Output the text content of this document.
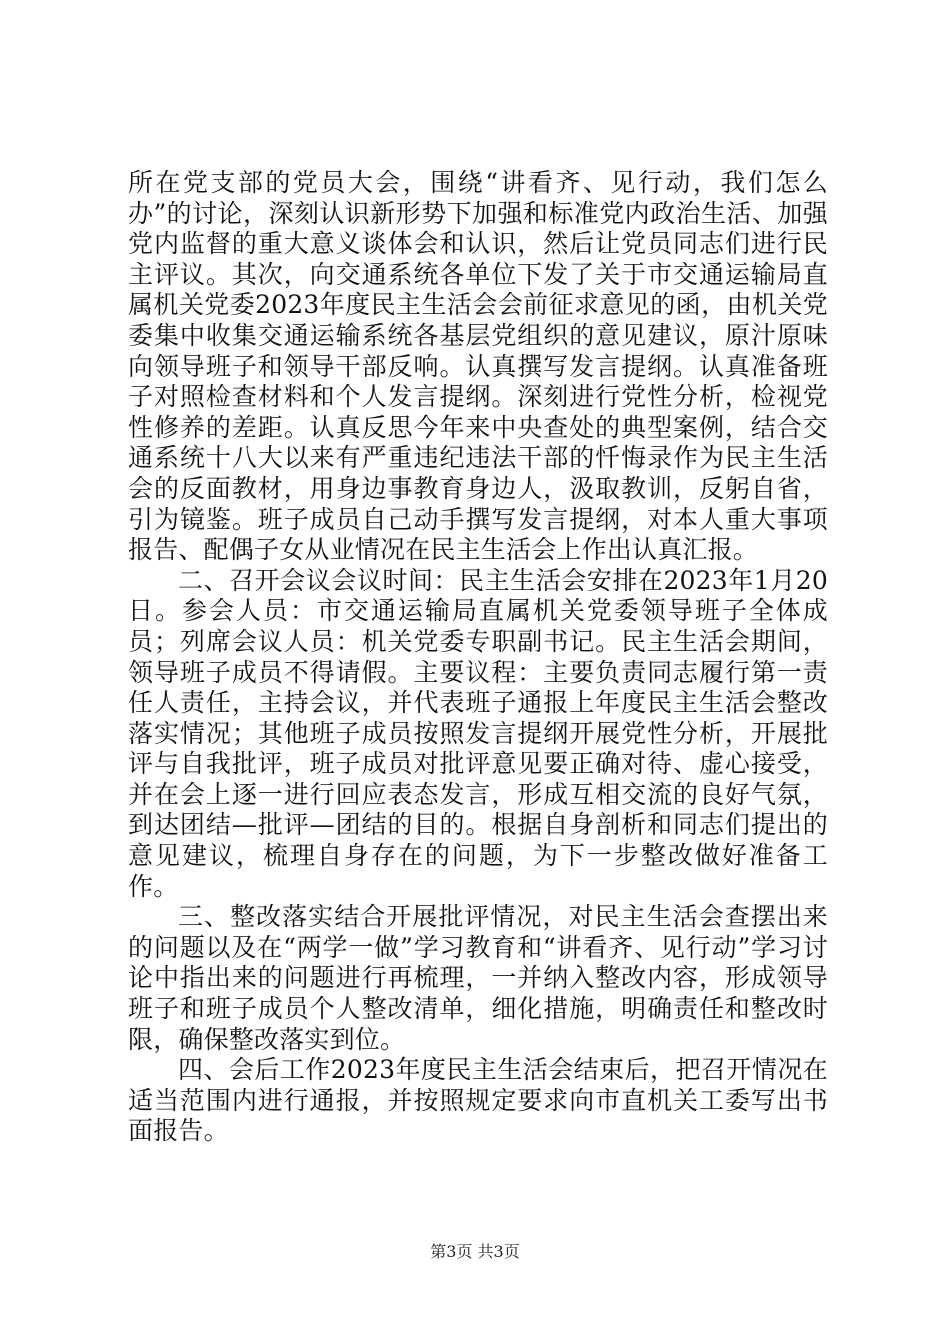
所在党支部的党员大会，围绕“讲看齐、见行动，我们怎么办”的讨论，深刻认识新形势下加强和标准党内政治生活、加强党内监督的重大意义谈体会和认识，然后让党员同志们进行民主评议。其次，向交通系统各单位下发了关于市交通运输局直属机关党委2023年度民主生活会会前征求意见的函，由机关党委集中收集交通运输系统各基层党组织的意见建议，原汁原味向领导班子和领导干部反响。认真撰写发言提纲。认真准备班子对照检查材料和个人发言提纲。深刻进行党性分析，检视党性修养的差距。认真反思今年来中央查处的典型案例，结合交通系统十八大以来有严重违纪违法干部的忏悔录作为民主生活会的反面教材，用身边事教育身边人，汲取教训，反躬自省，引为镜鉴。班子成员自己动手撰写发言提纲，对本人重大事项报告、配偶子女从业情况在民主生活会上作出认真汇报。

二、召开会议会议时间：民主生活会安排在2023年1月20日。参会人员：市交通运输局直属机关党委领导班子全体成员；列席会议人员：机关党委专职副书记。民主生活会期间，领导班子成员不得请假。主要议程：主要负责同志履行第一责任人责任，主持会议，并代表班子通报上年度民主生活会整改落实情况；其他班子成员按照发言提纲开展党性分析，开展批评与自我批评，班子成员对批评意见要正确对待、虚心接受，并在会上逐一进行回应表态发言，形成互相交流的良好气氛，到达团结—批评—团结的目的。根据自身剖析和同志们提出的意见建议，梳理自身存在的问题，为下一步整改做好准备工作。

三、整改落实结合开展批评情况，对民主生活会查摆出来的问题以及在“两学一做”学习教育和“讲看齐、见行动”学习讨论中指出来的问题进行再梳理，一并纳入整改内容，形成领导班子和班子成员个人整改清单，细化措施，明确责任和整改时限，确保整改落实到位。

四、会后工作2023年度民主生活会结束后，把召开情况在适当范围内进行通报，并按照规定要求向市直机关工委写出书面报告。

第3页 共3页
